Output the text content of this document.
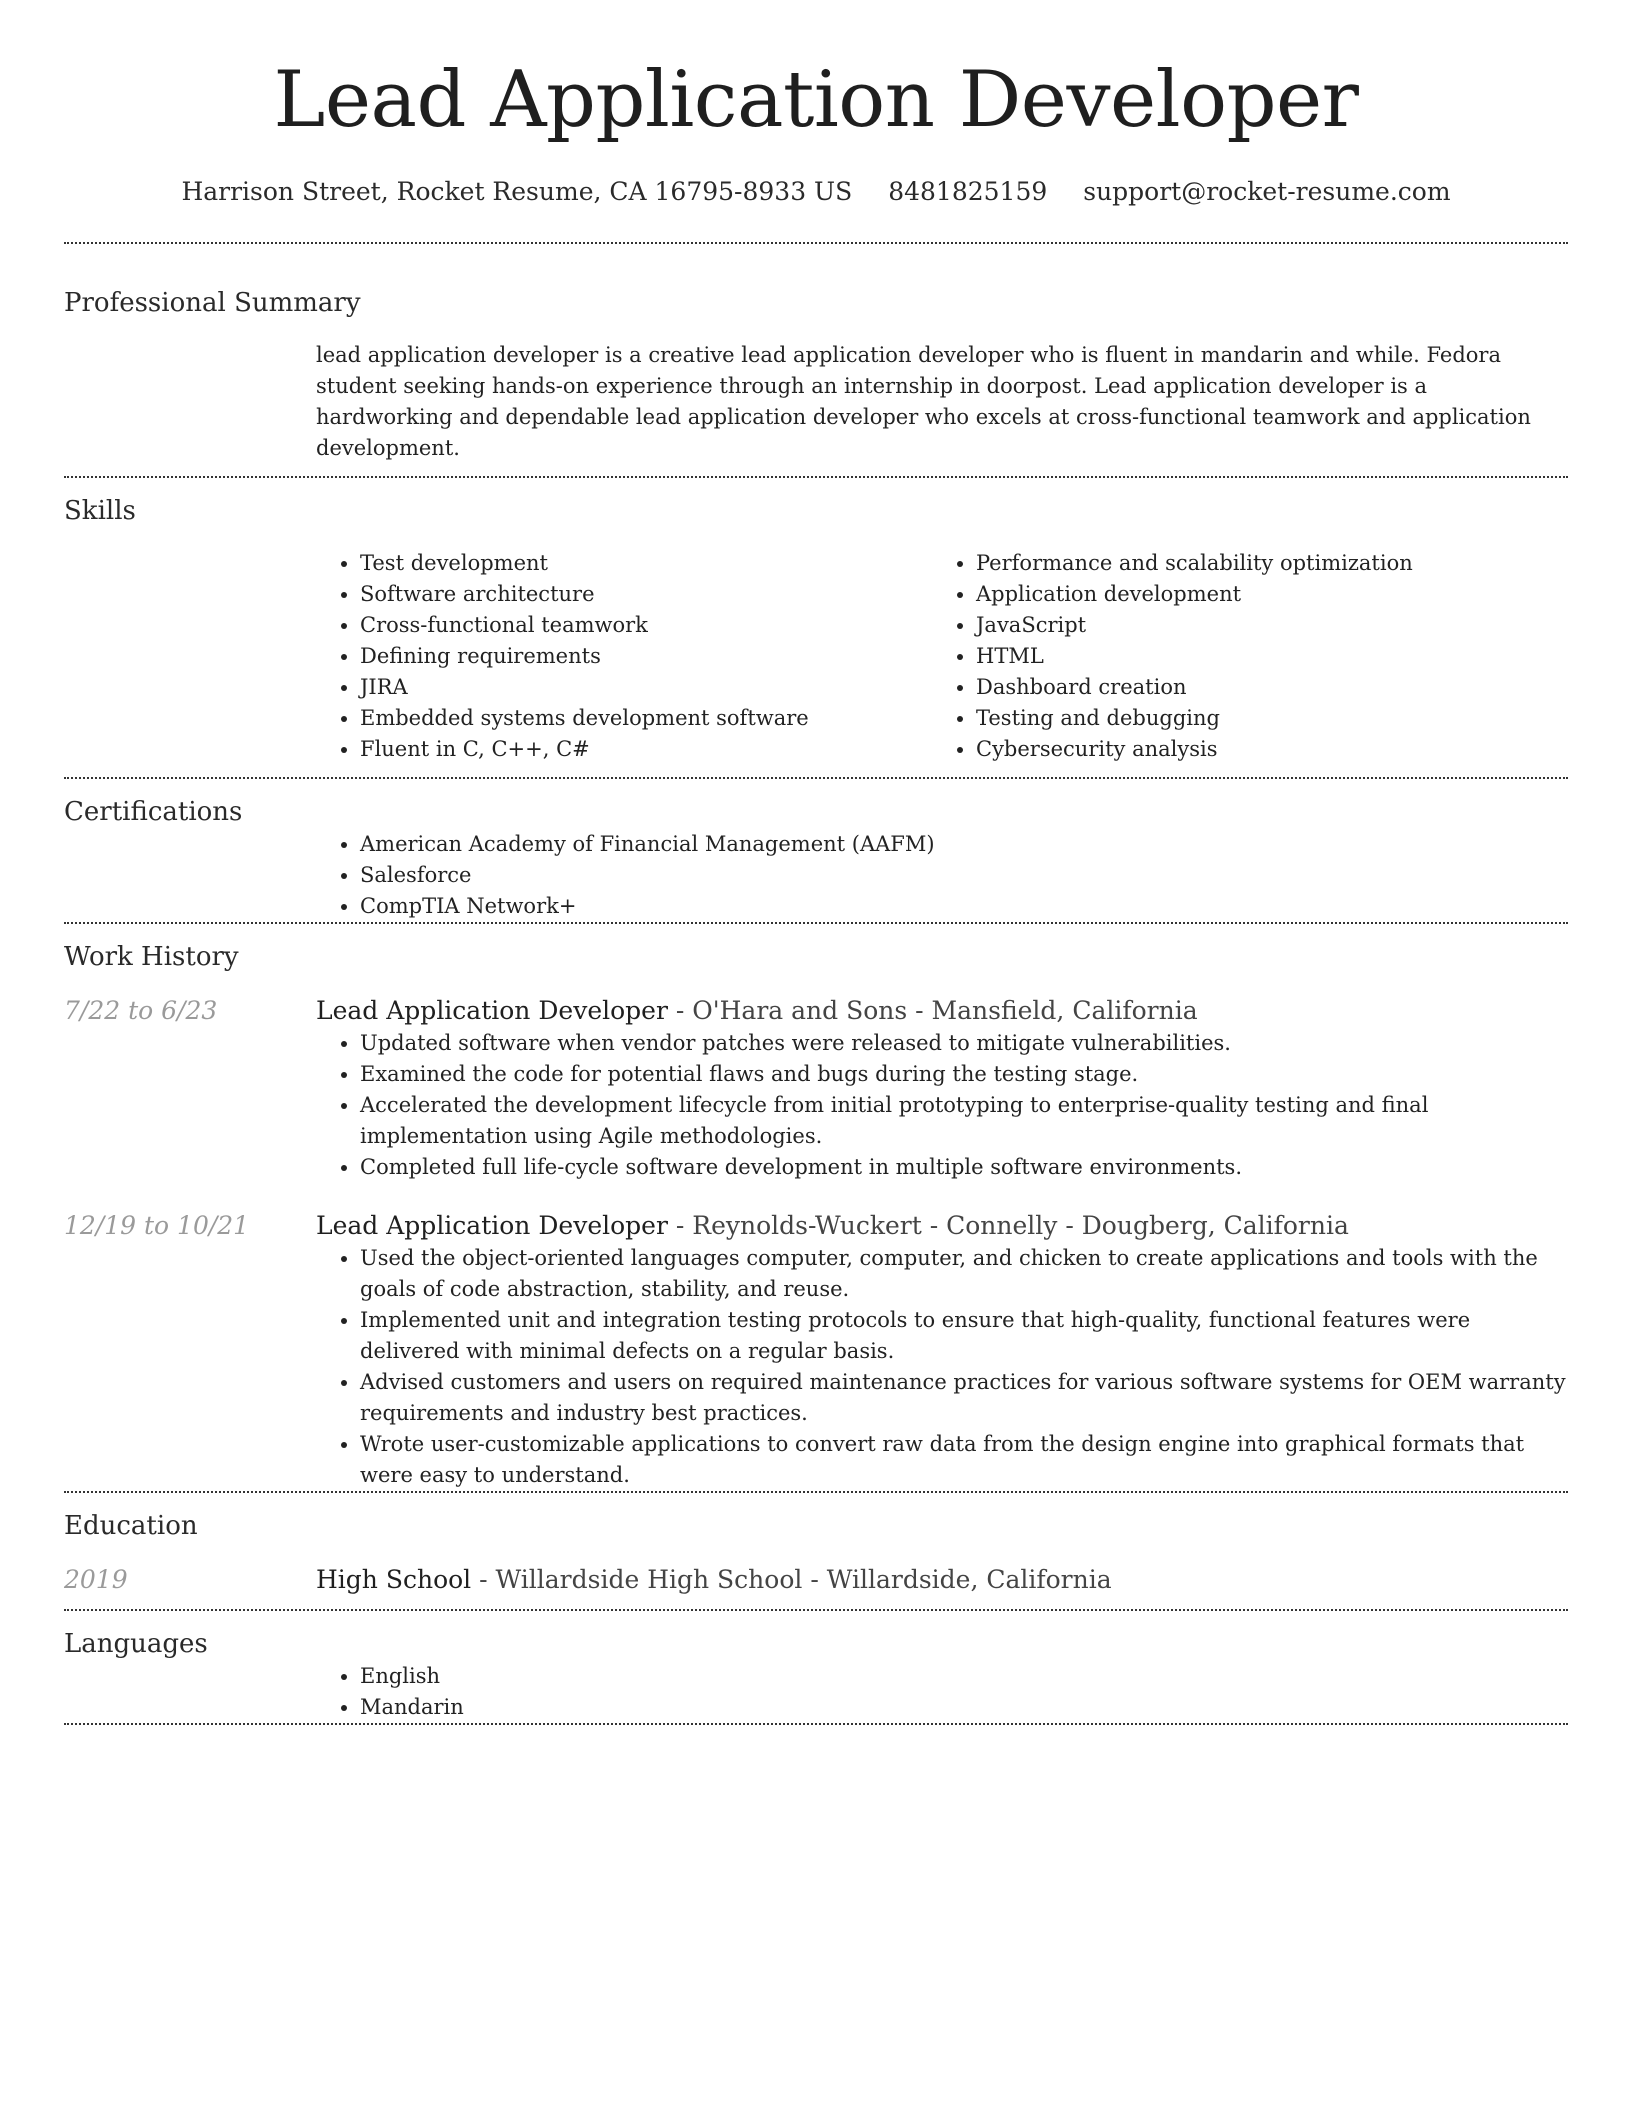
Lead Application Developer
Harrison Street, Rocket Resume, CA 16795-8933 US 8481825159 support@rocket-resume.com
Professional Summary

lead application developer is a creative lead application developer who is fluent in mandarin and while. Fedora student seeking hands-on experience through an internship in doorpost. Lead application developer is a hardworking and dependable lead application developer who excels at cross-functional teamwork and application development.

Skills
• Test development
• Software architecture
• Cross-functional teamwork
• Defining requirements
• JIRA
• Embedded systems development software
• Fluent in C, C++, C#
• Performance and scalability optimization
• Application development
• JavaScript
• HTML
• Dashboard creation
• Testing and debugging
• Cybersecurity analysis
Certifications
• American Academy of Financial Management (AAFM)
• Salesforce
• CompTIA Network+
Work History
7/22 to 6/23	Lead Application Developer - O'Hara and Sons - Mansfield, California
• Updated software when vendor patches were released to mitigate vulnerabilities.
• Examined the code for potential flaws and bugs during the testing stage.
• Accelerated the development lifecycle from initial prototyping to enterprise-quality testing and final implementation using Agile methodologies.
• Completed full life-cycle software development in multiple software environments.
12/19 to 10/21	Lead Application Developer - Reynolds-Wuckert - Connelly - Dougberg, California
• Used the object-oriented languages computer, computer, and chicken to create applications and tools with the goals of code abstraction, stability, and reuse.
• Implemented unit and integration testing protocols to ensure that high-quality, functional features were delivered with minimal defects on a regular basis.
• Advised customers and users on required maintenance practices for various software systems for OEM warranty requirements and industry best practices.
• Wrote user-customizable applications to convert raw data from the design engine into graphical formats that were easy to understand.
Education
2019	High School - Willardside High School - Willardside, California
Languages
• English
• Mandarin
